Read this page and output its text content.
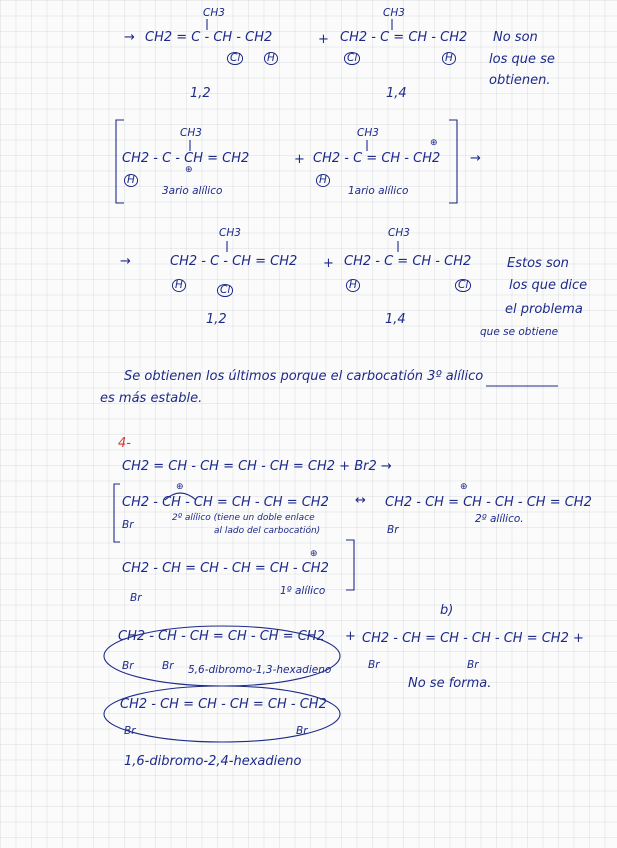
CH3
→ CH2 = C - CH - CH2
Cl	H
+
CH3
CH2 - C = CH - CH2
Cl	H
1,2	1,4
No son
los que se
obtienen.
CH3
CH2 - C - CH = CH2
⊕
H
3ario alílico
+
CH3
⊕
CH2 - C = CH - CH2
H
1ario alílico
→
CH3
→	CH2 - C - CH = CH2
H	Cl
+
CH3
CH2 - C = CH - CH2
H	Cl
1,2	1,4
Estos son
los que dice
el problema
que se obtiene
Se obtienen los últimos porque el carbocatión 3º alílico
es más estable.
4-
CH2 = CH - CH = CH - CH = CH2 + Br2 →
⊕
CH2 - CH - CH = CH - CH = CH2
Br
2º alílico (tiene un doble enlace
al lado del carbocatión)
↔
⊕
CH2 - CH = CH - CH - CH = CH2
Br
2º alílico.
⊕
CH2 - CH = CH - CH = CH - CH2
Br
1º alílico
b)
CH2 - CH - CH = CH - CH = CH2
Br	Br 5,6-dibromo-1,3-hexadieno
+ CH2 - CH = CH - CH - CH = CH2 +
Br	Br
No se forma.
CH2 - CH = CH - CH = CH - CH2
Br	Br
1,6-dibromo-2,4-hexadieno
